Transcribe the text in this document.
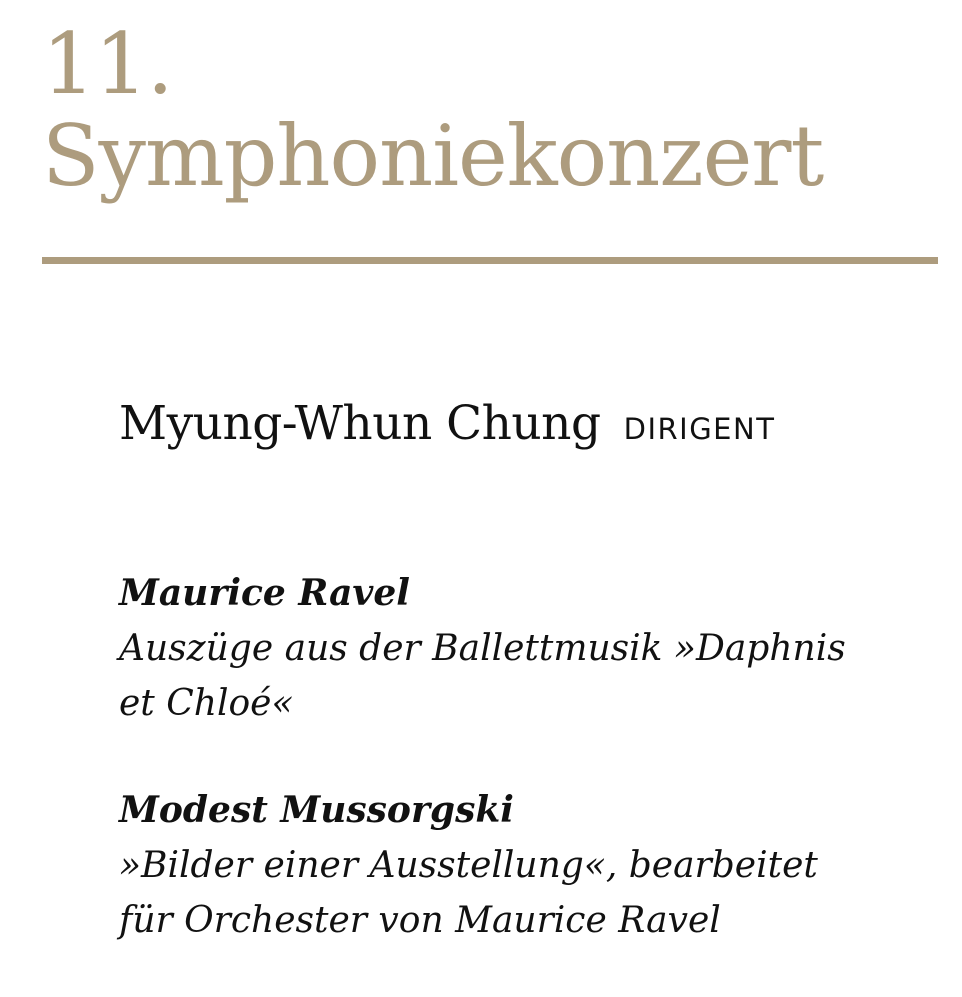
11.
Symphoniekonzert
Myung-Whun Chung DIRIGENT
Maurice Ravel
Auszüge aus der Ballettmusik »Daphnis
et Chloé«
Modest Mussorgski
»Bilder einer Ausstellung«, bearbeitet
für Orchester von Maurice Ravel
